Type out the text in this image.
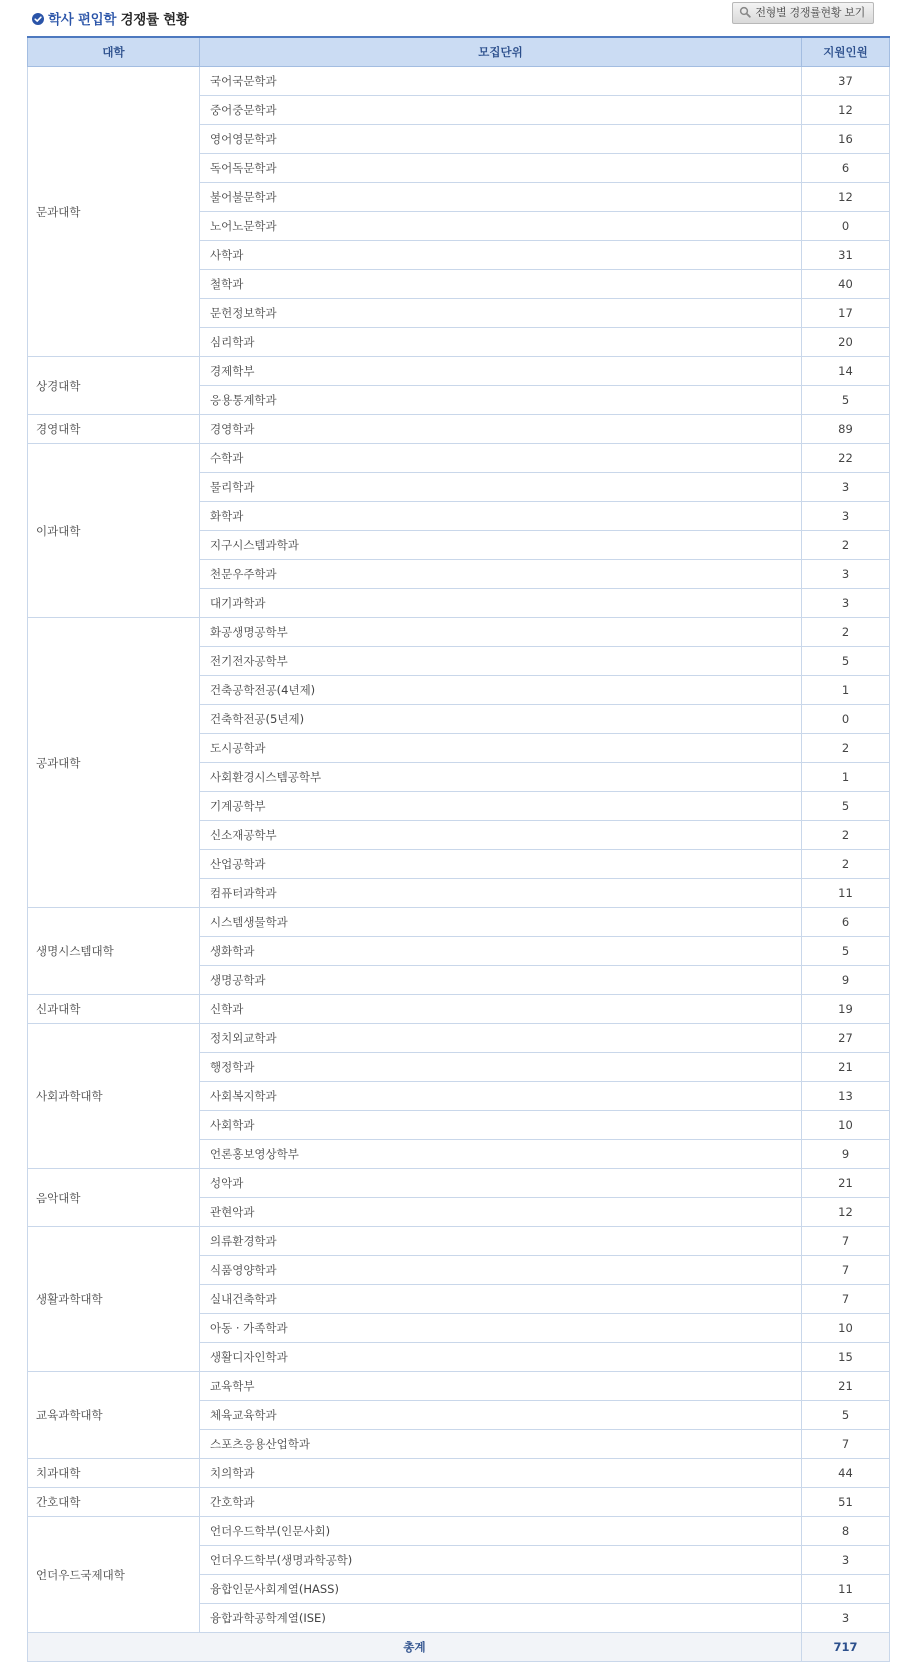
학사 편입학 경쟁률 현황	전형별 경쟁률현황 보기
대학	모집단위	지원인원
문과대학	국어국문학과	37
	중어중문학과	12
	영어영문학과	16
	독어독문학과	6
	불어불문학과	12
	노어노문학과	0
	사학과	31
	철학과	40
	문헌정보학과	17
	심리학과	20
상경대학	경제학부	14
	응용통계학과	5
경영대학	경영학과	89
이과대학	수학과	22
	물리학과	3
	화학과	3
	지구시스템과학과	2
	천문우주학과	3
	대기과학과	3
공과대학	화공생명공학부	2
	전기전자공학부	5
	건축공학전공(4년제)	1
	건축학전공(5년제)	0
	도시공학과	2
	사회환경시스템공학부	1
	기계공학부	5
	신소재공학부	2
	산업공학과	2
	컴퓨터과학과	11
생명시스템대학	시스템생물학과	6
	생화학과	5
	생명공학과	9
신과대학	신학과	19
사회과학대학	정치외교학과	27
	행정학과	21
	사회복지학과	13
	사회학과	10
	언론홍보영상학부	9
음악대학	성악과	21
	관현악과	12
생활과학대학	의류환경학과	7
	식품영양학과	7
	실내건축학과	7
	아동 · 가족학과	10
	생활디자인학과	15
교육과학대학	교육학부	21
	체육교육학과	5
	스포츠응용산업학과	7
치과대학	치의학과	44
간호대학	간호학과	51
언더우드국제대학	언더우드학부(인문사회)	8
	언더우드학부(생명과학공학)	3
	융합인문사회계열(HASS)	11
	융합과학공학계열(ISE)	3
총계		717
